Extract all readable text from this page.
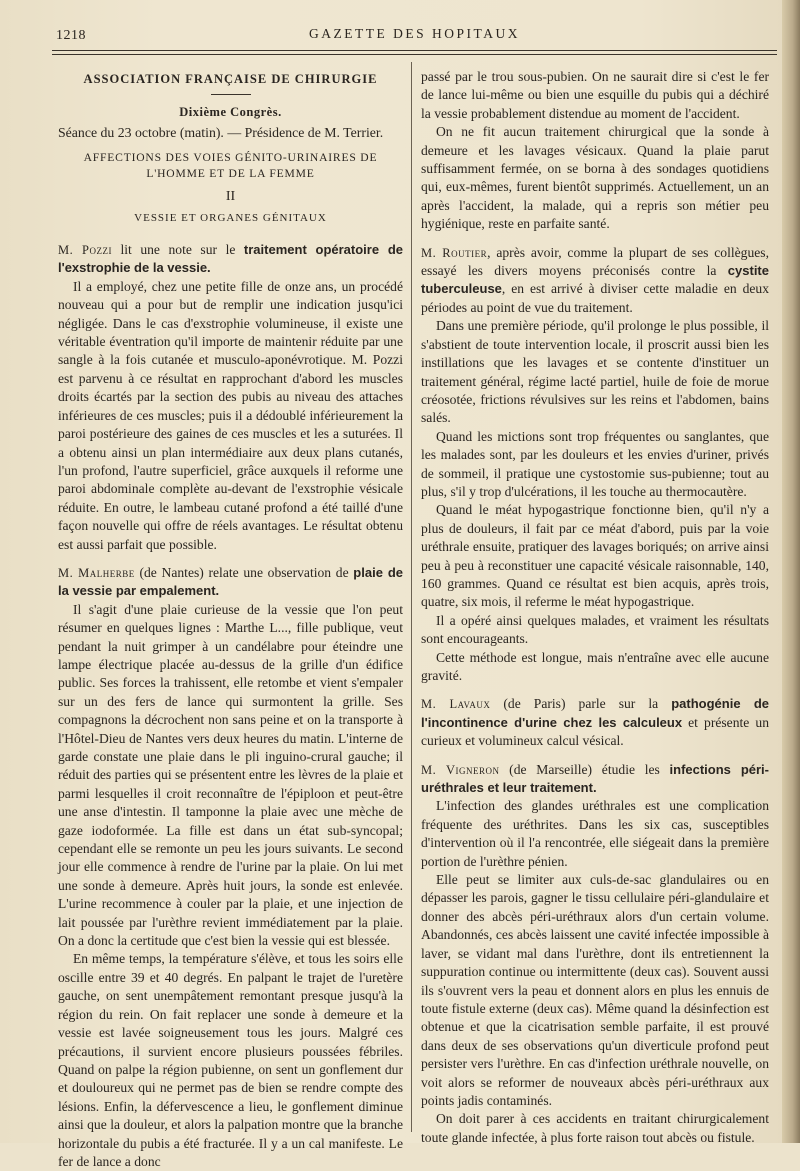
1218	GAZETTE DES HOPITAUX
ASSOCIATION FRANÇAISE DE CHIRURGIE
Dixième Congrès.
Séance du 23 octobre (matin). — Présidence de M. Terrier.
AFFECTIONS DES VOIES GÉNITO-URINAIRES DE L'HOMME ET DE LA FEMME
II
VESSIE ET ORGANES GÉNITAUX

M. Pozzi lit une note sur le traitement opératoire de l'exstrophie de la vessie.

Il a employé, chez une petite fille de onze ans, un procédé nouveau qui a pour but de remplir une indication jusqu'ici négligée. Dans le cas d'exstrophie volumineuse, il existe une véritable éventration qu'il importe de maintenir réduite par une sangle à la fois cutanée et musculo-aponévrotique. M. Pozzi est parvenu à ce résultat en rapprochant d'abord les muscles droits écartés par la section des pubis au niveau des attaches inférieures de ces muscles; puis il a dédoublé inférieurement la paroi postérieure des gaines de ces muscles et les a suturées. Il a obtenu ainsi un plan intermédiaire aux deux plans cutanés, l'un profond, l'autre superficiel, grâce auxquels il reforme une paroi abdominale complète au-devant de l'exstrophie vésicale réduite. En outre, le lambeau cutané profond a été taillé d'une façon nouvelle qui offre de réels avantages. Le résultat obtenu est aussi parfait que possible.

M. Malherbe (de Nantes) relate une observation de plaie de la vessie par empalement.

Il s'agit d'une plaie curieuse de la vessie que l'on peut résumer en quelques lignes : Marthe L..., fille publique, veut pendant la nuit grimper à un candélabre pour éteindre une lampe électrique placée au-dessus de la grille d'un édifice public. Ses forces la trahissent, elle retombe et vient s'empaler sur un des fers de lance qui surmontent la grille. Ses compagnons la décrochent non sans peine et on la transporte à l'Hôtel-Dieu de Nantes vers deux heures du matin. L'interne de garde constate une plaie dans le pli inguino-crural gauche; il réduit des parties qui se présentent entre les lèvres de la plaie et parmi lesquelles il croit reconnaître de l'épiploon et peut-être une anse d'intestin. Il tamponne la plaie avec une mèche de gaze iodoformée. La fille est dans un état sub-syncopal; cependant elle se remonte un peu les jours suivants. Le second jour elle commence à rendre de l'urine par la plaie. On lui met une sonde à demeure. Après huit jours, la sonde est enlevée. L'urine recommence à couler par la plaie, et une injection de lait poussée par l'urèthre revient immédiatement par la plaie. On a donc la certitude que c'est bien la vessie qui est blessée.

En même temps, la température s'élève, et tous les soirs elle oscille entre 39 et 40 degrés. En palpant le trajet de l'uretère gauche, on sent unempâtement remontant presque jusqu'à la région du rein. On fait replacer une sonde à demeure et la vessie est lavée soigneusement tous les jours. Malgré ces précautions, il survient encore plusieurs poussées fébriles. Quand on palpe la région pubienne, on sent un gonflement dur et douloureux qui ne permet pas de bien se rendre compte des lésions. Enfin, la défervescence a lieu, le gonflement diminue ainsi que la douleur, et alors la palpation montre que la branche horizontale du pubis a été fracturée. Il y a un cal manifeste. Le fer de lance a donc

passé par le trou sous-pubien. On ne saurait dire si c'est le fer de lance lui-même ou bien une esquille du pubis qui a déchiré la vessie probablement distendue au moment de l'accident.

On ne fit aucun traitement chirurgical que la sonde à demeure et les lavages vésicaux. Quand la plaie parut suffisamment fermée, on se borna à des sondages quotidiens qui, eux-mêmes, furent bientôt supprimés. Actuellement, un an après l'accident, la malade, qui a repris son métier peu hygiénique, reste en parfaite santé.

M. Routier, après avoir, comme la plupart de ses collègues, essayé les divers moyens préconisés contre la cystite tuberculeuse, en est arrivé à diviser cette maladie en deux périodes au point de vue du traitement.

Dans une première période, qu'il prolonge le plus possible, il s'abstient de toute intervention locale, il proscrit aussi bien les instillations que les lavages et se contente d'instituer un traitement général, régime lacté partiel, huile de foie de morue créosotée, frictions révulsives sur les reins et l'abdomen, bains salés.

Quand les mictions sont trop fréquentes ou sanglantes, que les malades sont, par les douleurs et les envies d'uriner, privés de sommeil, il pratique une cystostomie sus-pubienne; tout au plus, s'il y trop d'ulcérations, il les touche au thermocautère.

Quand le méat hypogastrique fonctionne bien, qu'il n'y a plus de douleurs, il fait par ce méat d'abord, puis par la voie uréthrale ensuite, pratiquer des lavages boriqués; on arrive ainsi peu à peu à reconstituer une capacité vésicale raisonnable, 140, 160 grammes. Quand ce résultat est bien acquis, après trois, quatre, six mois, il referme le méat hypogastrique.

Il a opéré ainsi quelques malades, et vraiment les résultats sont encourageants.

Cette méthode est longue, mais n'entraîne avec elle aucune gravité.

M. Lavaux (de Paris) parle sur la pathogénie de l'incontinence d'urine chez les calculeux et présente un curieux et volumineux calcul vésical.

M. Vigneron (de Marseille) étudie les infections péri-uréthrales et leur traitement.

L'infection des glandes uréthrales est une complication fréquente des uréthrites. Dans les six cas, susceptibles d'intervention où il l'a rencontrée, elle siégeait dans la première portion de l'urèthre pénien.

Elle peut se limiter aux culs-de-sac glandulaires ou en dépasser les parois, gagner le tissu cellulaire péri-glandulaire et donner des abcès péri-uréthraux alors d'un certain volume. Abandonnés, ces abcès laissent une cavité infectée impossible à laver, se vidant mal dans l'urèthre, dont ils entretiennent la suppuration continue ou intermittente (deux cas). Souvent aussi ils s'ouvrent vers la peau et donnent alors en plus les ennuis de toute fistule externe (deux cas). Même quand la désinfection est obtenue et que la cicatrisation semble parfaite, il est prouvé dans deux de ses observations qu'un diverticule profond peut persister vers l'urèthre. En cas d'infection uréthrale nouvelle, on voit alors se reformer de nouveaux abcès péri-uréthraux aux points jadis contaminés.

On doit parer à ces accidents en traitant chirurgicalement toute glande infectée, à plus forte raison tout abcès ou fistule.
